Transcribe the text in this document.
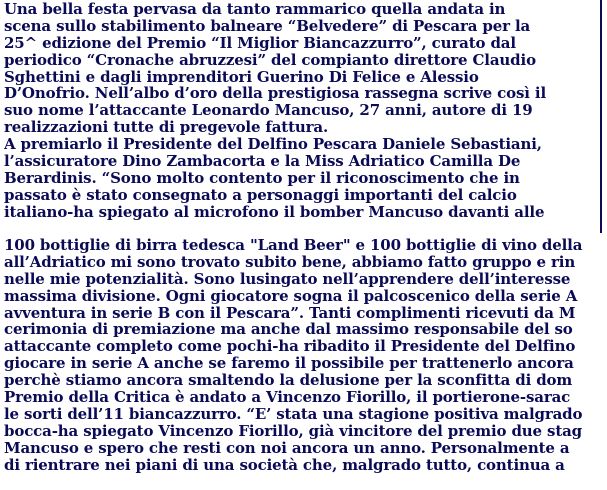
Una bella festa pervasa da tanto rammarico quella andata in
scena sullo stabilimento balneare “Belvedere” di Pescara per la
25^ edizione del Premio “Il Miglior Biancazzurro”, curato dal
periodico “Cronache abruzzesi” del compianto direttore Claudio
Sghettini e dagli imprenditori Guerino Di Felice e Alessio
D’Onofrio. Nell’albo d’oro della prestigiosa rassegna scrive così il
suo nome l’attaccante Leonardo Mancuso, 27 anni, autore di 19
realizzazioni tutte di pregevole fattura.
A premiarlo il Presidente del Delfino Pescara Daniele Sebastiani,
l’assicuratore Dino Zambacorta e la Miss Adriatico Camilla De
Berardinis. “Sono molto contento per il riconoscimento che in
passato è stato consegnato a personaggi importanti del calcio
italiano-ha spiegato al microfono il bomber Mancuso davanti alle
100 bottiglie di birra tedesca "Land Beer" e 100 bottiglie di vino della
all’Adriatico mi sono trovato subito bene, abbiamo fatto gruppo e rin
nelle mie potenzialità. Sono lusingato nell’apprendere dell’interesse
massima divisione. Ogni giocatore sogna il palcoscenico della serie A
avventura in serie B con il Pescara”. Tanti complimenti ricevuti da M
cerimonia di premiazione ma anche dal massimo responsabile del so
attaccante completo come pochi-ha ribadito il Presidente del Delfino
giocare in serie A anche se faremo il possibile per trattenerlo ancora
perchè stiamo ancora smaltendo la delusione per la sconfitta di dom
Premio della Critica è andato a Vincenzo Fiorillo, il portierone-sarac
le sorti dell’11 biancazzurro. “E’ stata una stagione positiva malgrado
bocca-ha spiegato Vincenzo Fiorillo, già vincitore del premio due stag
Mancuso e spero che resti con noi ancora un anno. Personalmente a
di rientrare nei piani di una società che, malgrado tutto, continua a
